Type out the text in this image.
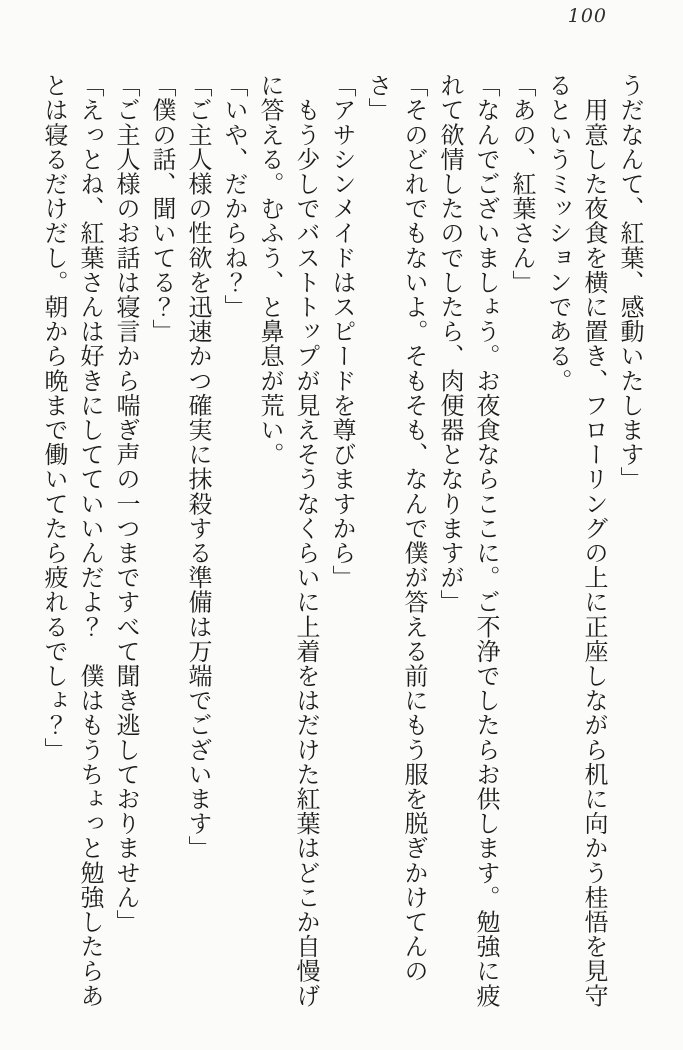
100

うだなんて、紅葉、感動いたします」

　用意した夜食を横に置き、フローリングの上に正座しながら机に向かう桂悟を見守るというミッションである。

「あの、紅葉さん」

「なんでございましょう。お夜食ならここに。ご不浄でしたらお供します。勉強に疲れて欲情したのでしたら、肉便器となりますが」

「そのどれでもないよ。そもそも、なんで僕が答える前にもう服を脱ぎかけてんのさ」

「アサシンメイドはスピードを尊びますから」

　もう少しでバストトップが見えそうなくらいに上着をはだけた紅葉はどこか自慢げに答える。むふう、と鼻息が荒い。

「いや、だからね？」

「ご主人様の性欲を迅速かつ確実に抹殺する準備は万端でございます」

「僕の話、聞いてる？」

「ご主人様のお話は寝言から喘ぎ声の一つまですべて聞き逃しておりません」

「えっとね、紅葉さんは好きにしてていいんだよ？　僕はもうちょっと勉強したらあとは寝るだけだし。朝から晩まで働いてたら疲れるでしょ？」
